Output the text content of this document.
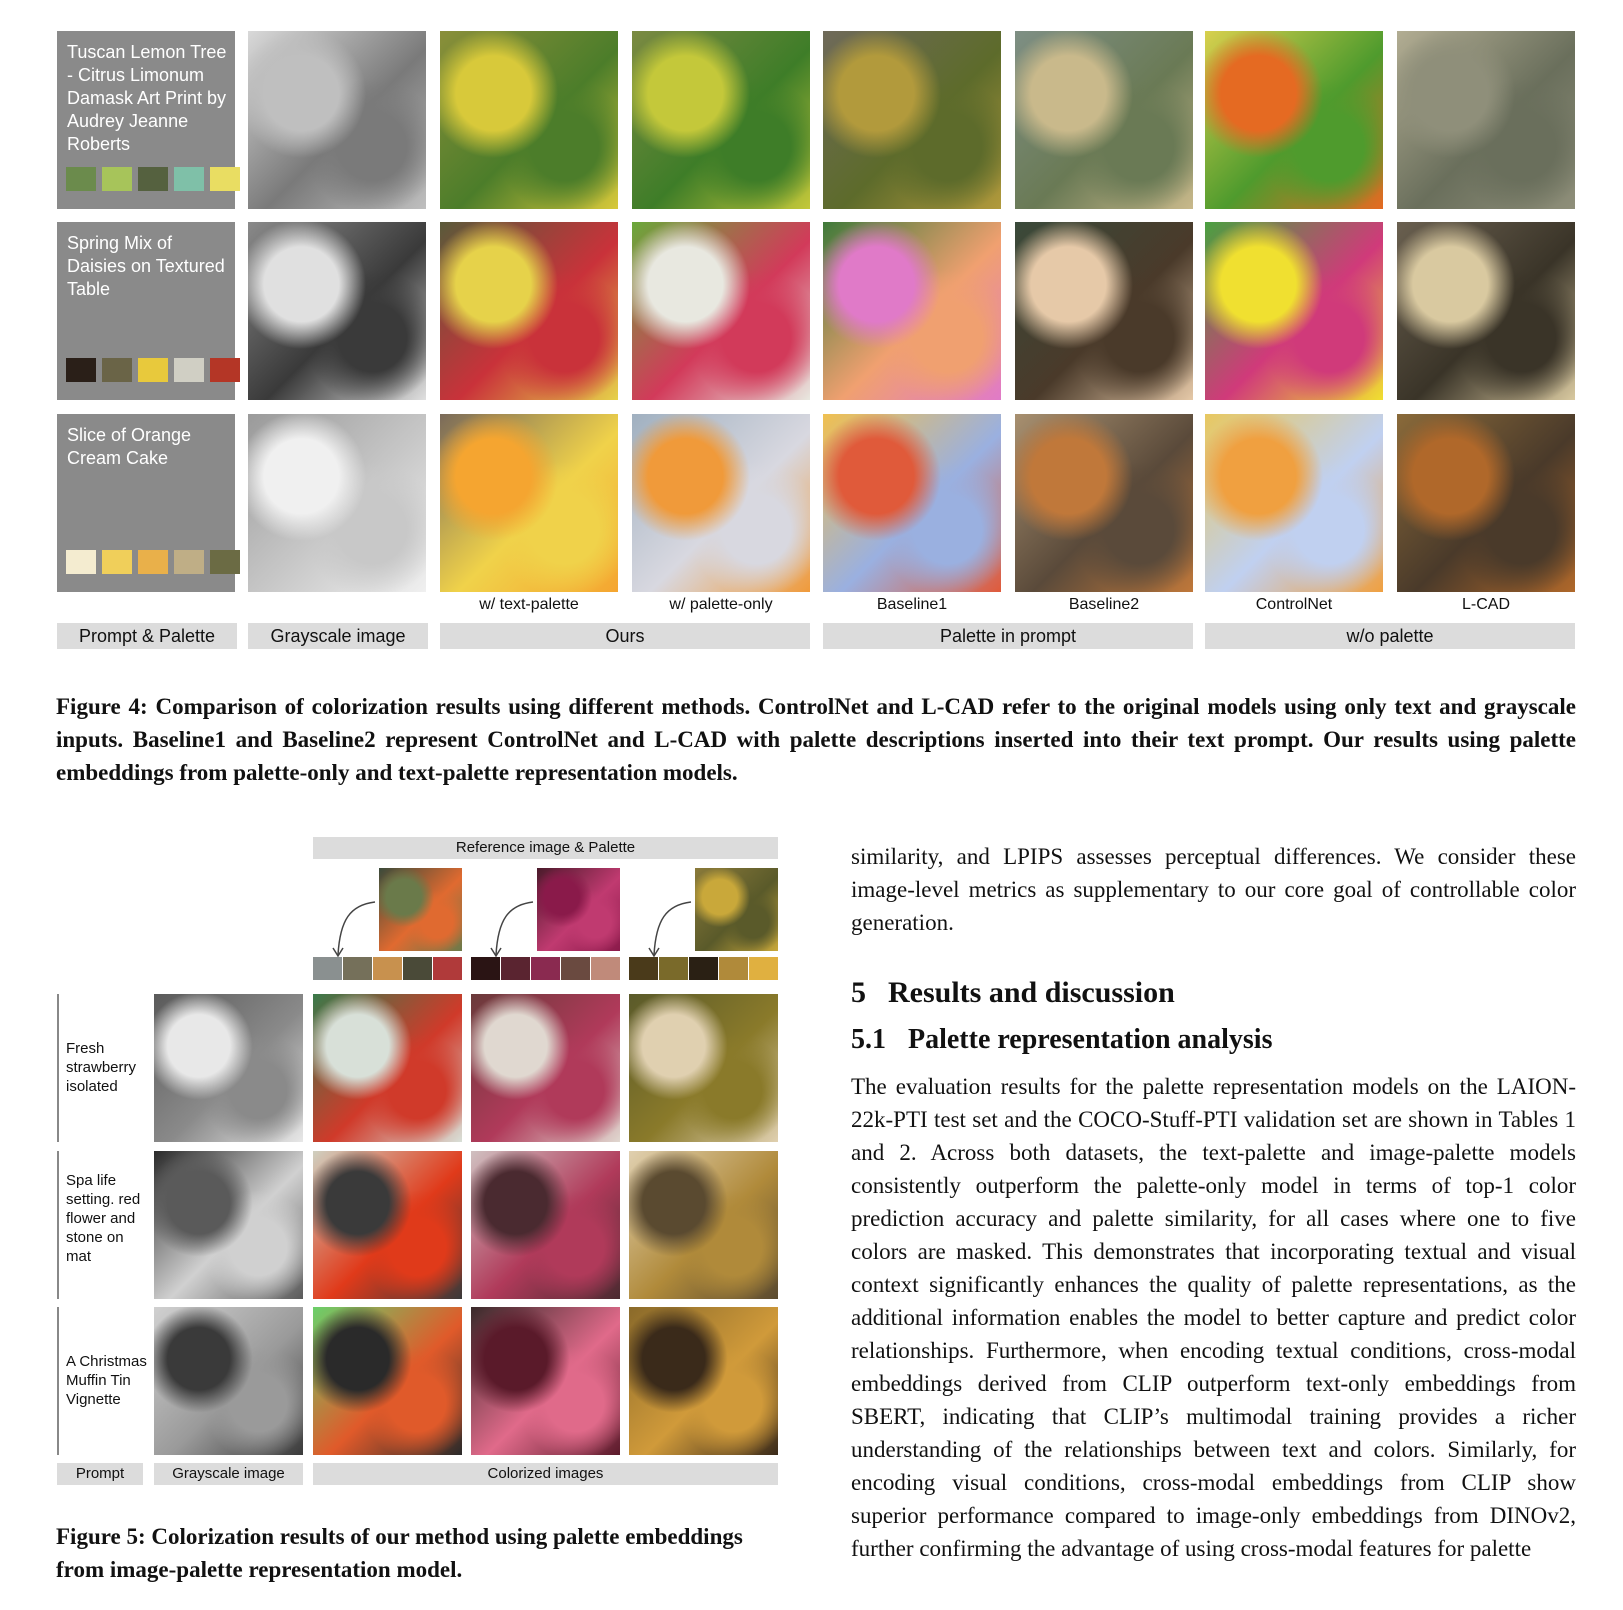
Tuscan Lemon Tree - Citrus Limonum Damask Art Print by Audrey Jeanne Roberts
Spring Mix of Daisies on Textured Table
Slice of Orange Cream Cake
w/ text-palette	w/ palette-only	Baseline1	Baseline2	ControlNet	L-CAD
Prompt & Palette	Grayscale image	Ours	Palette in prompt	w/o palette
Figure 4: Comparison of colorization results using different methods. ControlNet and L-CAD refer to the original models using only text and grayscale inputs. Baseline1 and Baseline2 represent ControlNet and L-CAD with palette descriptions inserted into their text prompt. Our results using palette embeddings from palette-only and text-palette representation models.
Fresh strawberry isolated
Spa life setting. red flower and stone on mat
A Christmas Muffin Tin Vignette
Reference image & Palette
Prompt	Grayscale image	Colorized images
Figure 5: Colorization results of our method using palette embeddings from image-palette representation model.
similarity, and LPIPS assesses perceptual differences. We consider these image-level metrics as supplementary to our core goal of controllable color generation.
5 Results and discussion
5.1 Palette representation analysis
The evaluation results for the palette representation models on the LAION-22k-PTI test set and the COCO-Stuff-PTI validation set are shown in Tables 1 and 2. Across both datasets, the text-palette and image-palette models consistently outperform the palette-only model in terms of top-1 color prediction accuracy and palette similarity, for all cases where one to five colors are masked. This demonstrates that incorporating textual and visual context significantly enhances the quality of palette representations, as the additional information enables the model to better capture and predict color relationships. Furthermore, when encoding textual conditions, cross-modal embeddings derived from CLIP outperform text-only embeddings from SBERT, indicating that CLIP’s multimodal training provides a richer understanding of the relationships between text and colors. Similarly, for encoding visual conditions, cross-modal embeddings from CLIP show superior performance compared to image-only embeddings from DINOv2, further confirming the advantage of using cross-modal features for palette
